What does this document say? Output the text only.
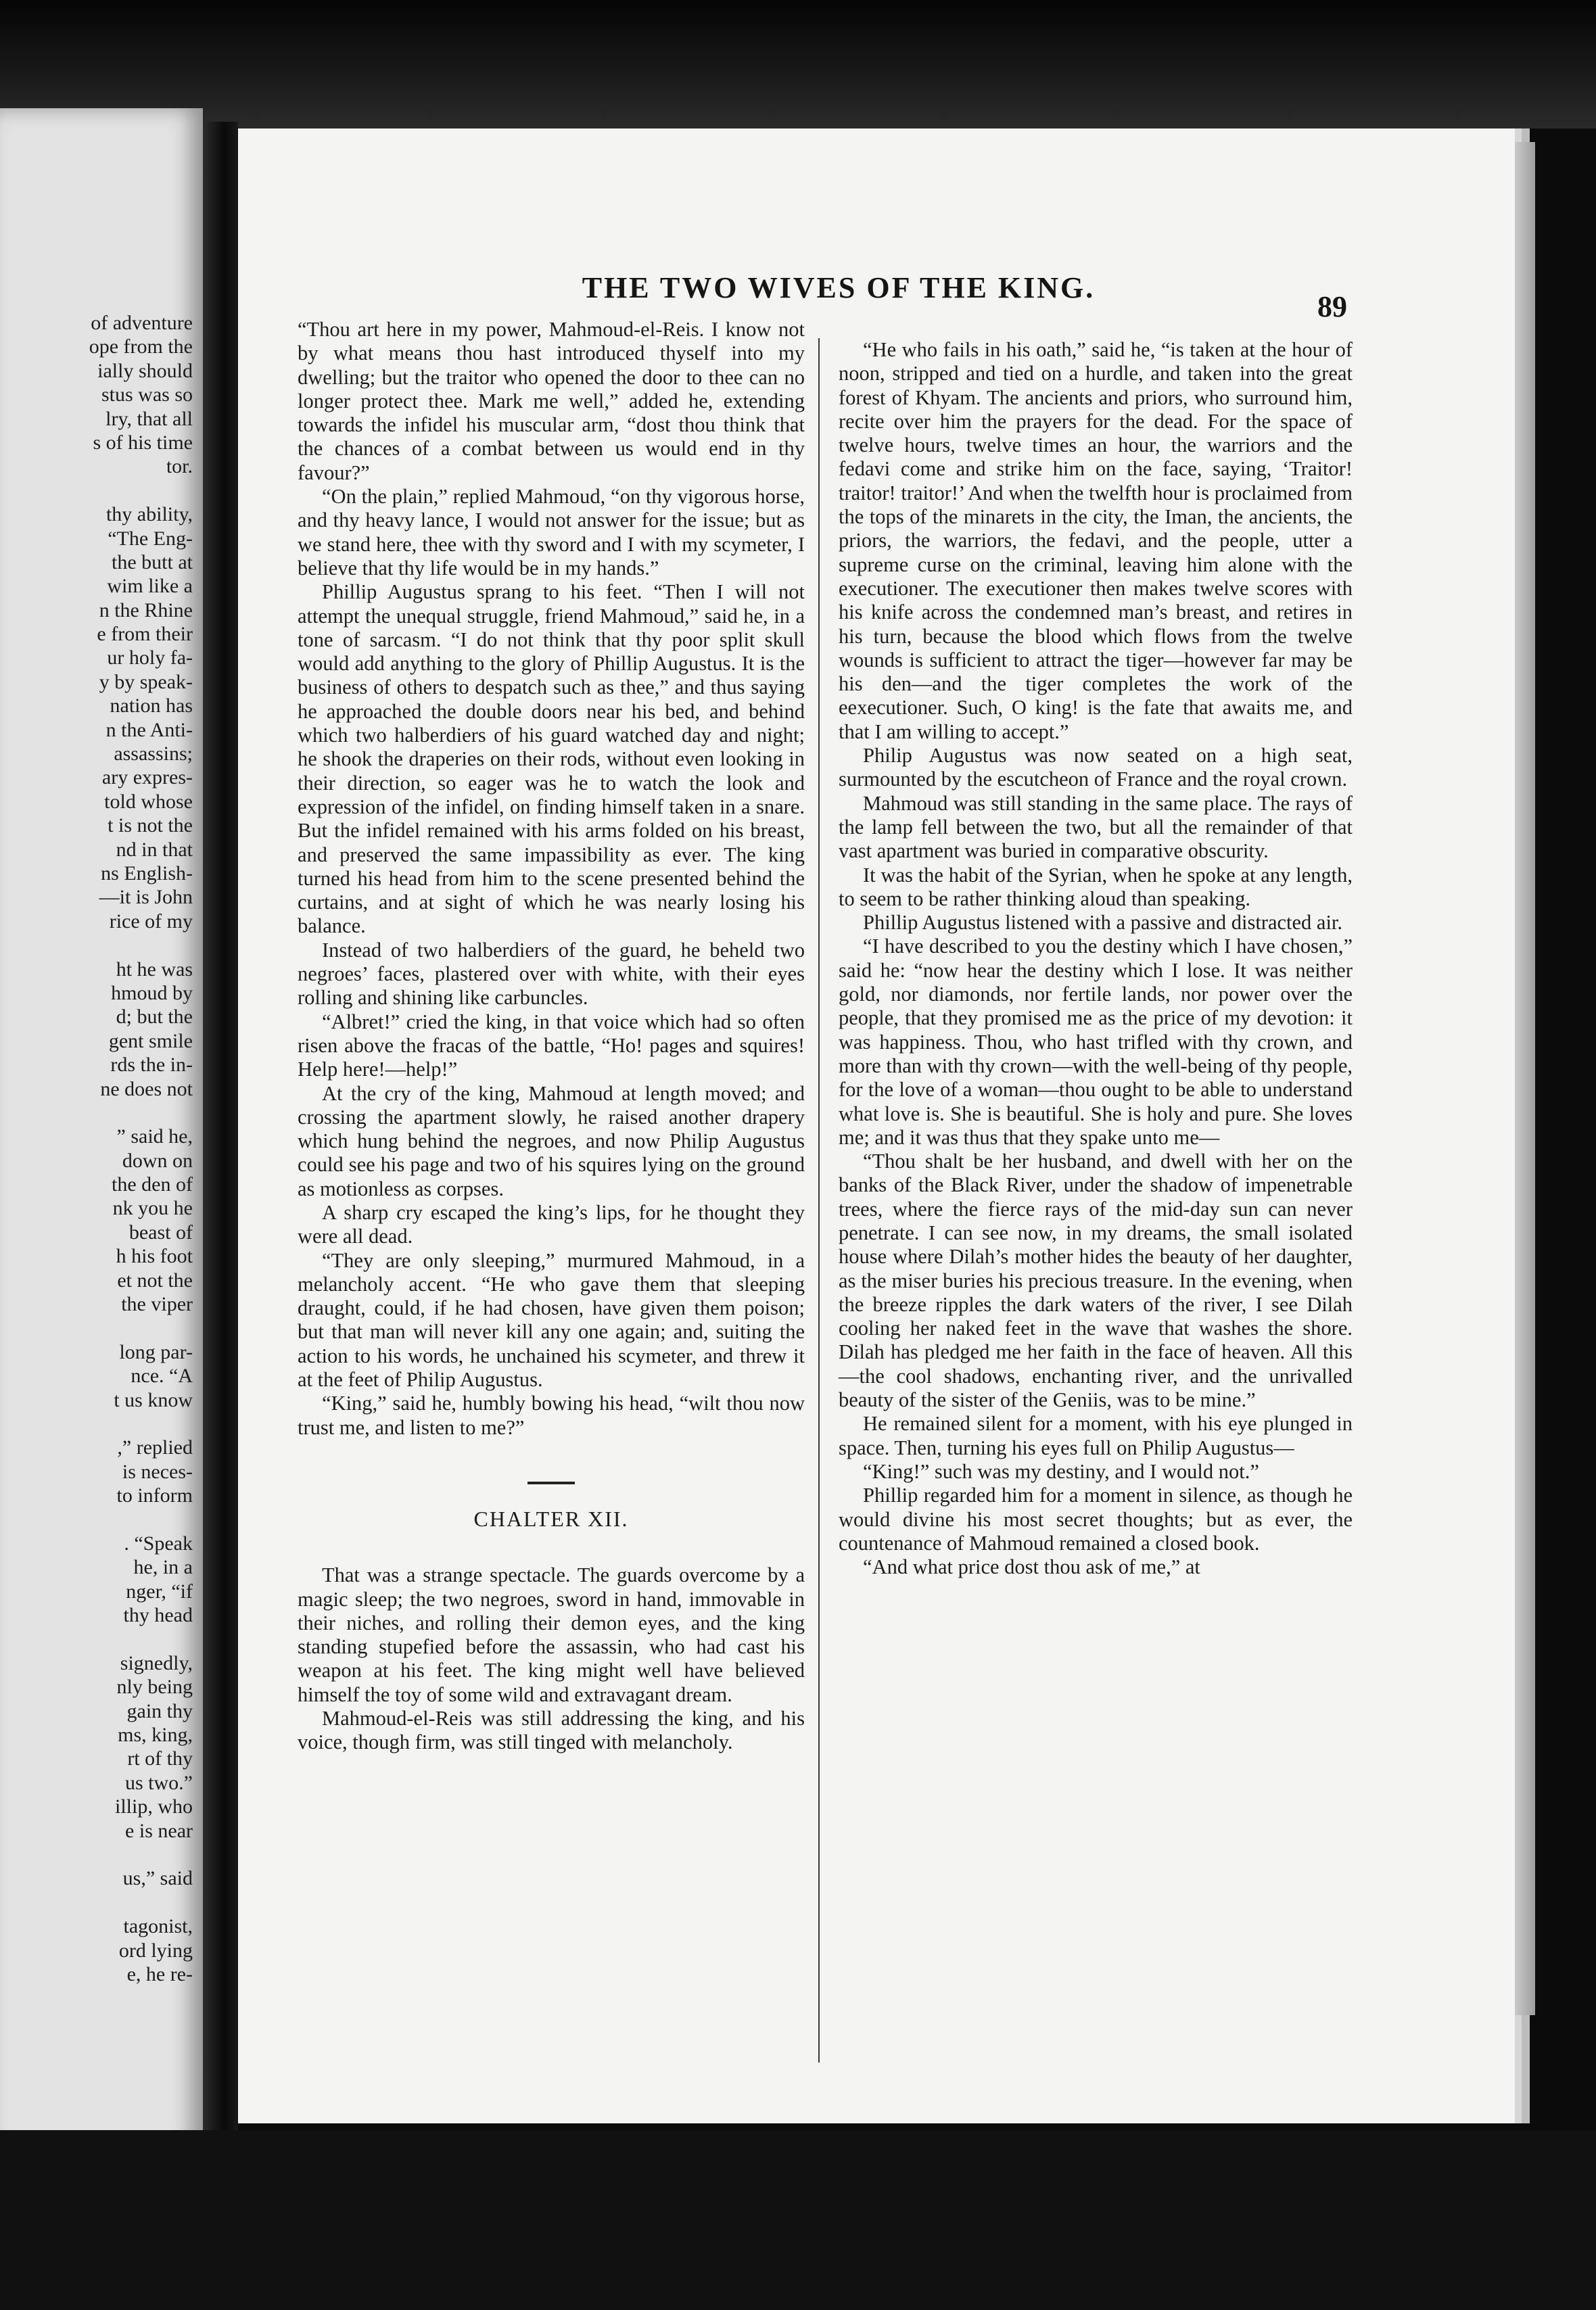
of adventure
ope from the
ially should
stus was so
lry, that all
s of his time
tor.
thy ability,
“The Eng-
the butt at
wim like a
n the Rhine
e from their
ur holy fa-
y by speak-
nation has
n the Anti-
assassins;
ary expres-
told whose
t is not the
nd in that
ns English-
—it is John
rice of my
ht he was
hmoud by
d; but the
gent smile
rds the in-
ne does not
” said he,
down on
the den of
nk you he
beast of
h his foot
et not the
the viper
long par-
nce. “A
t us know
,” replied
is neces-
to inform
. “Speak
he, in a
nger, “if
thy head
signedly,
nly being
gain thy
ms, king,
rt of thy
us two.”
illip, who
e is near
us,” said
tagonist,
ord lying
e, he re-
THE TWO WIVES OF THE KING.
89

“Thou art here in my power, Mahmoud-el-Reis. I know not by what means thou hast introduced thyself into my dwelling; but the traitor who opened the door to thee can no longer protect thee. Mark me well,” added he, extending towards the infidel his muscular arm, “dost thou think that the chances of a combat between us would end in thy favour?”

“On the plain,” replied Mahmoud, “on thy vigorous horse, and thy heavy lance, I would not answer for the issue; but as we stand here, thee with thy sword and I with my scymeter, I believe that thy life would be in my hands.”

Phillip Augustus sprang to his feet. “Then I will not attempt the unequal struggle, friend Mahmoud,” said he, in a tone of sarcasm. “I do not think that thy poor split skull would add anything to the glory of Phillip Augustus. It is the business of others to despatch such as thee,” and thus saying he approached the double doors near his bed, and behind which two halberdiers of his guard watched day and night; he shook the draperies on their rods, without even looking in their direction, so eager was he to watch the look and expression of the infidel, on finding himself taken in a snare. But the infidel remained with his arms folded on his breast, and preserved the same impassibility as ever. The king turned his head from him to the scene presented behind the curtains, and at sight of which he was nearly losing his balance.

Instead of two halberdiers of the guard, he beheld two negroes’ faces, plastered over with white, with their eyes rolling and shining like carbuncles.

“Albret!” cried the king, in that voice which had so often risen above the fracas of the battle, “Ho! pages and squires! Help here!—help!”

At the cry of the king, Mahmoud at length moved; and crossing the apartment slowly, he raised another drapery which hung behind the negroes, and now Philip Augustus could see his page and two of his squires lying on the ground as motionless as corpses.

A sharp cry escaped the king’s lips, for he thought they were all dead.

“They are only sleeping,” murmured Mahmoud, in a melancholy accent. “He who gave them that sleeping draught, could, if he had chosen, have given them poison; but that man will never kill any one again; and, suiting the action to his words, he unchained his scymeter, and threw it at the feet of Philip Augustus.

“King,” said he, humbly bowing his head, “wilt thou now trust me, and listen to me?”

CHALTER XII.

That was a strange spectacle. The guards overcome by a magic sleep; the two negroes, sword in hand, immovable in their niches, and rolling their demon eyes, and the king standing stupefied before the assassin, who had cast his weapon at his feet. The king might well have believed himself the toy of some wild and extravagant dream.

Mahmoud-el-Reis was still addressing the king, and his voice, though firm, was still tinged with melancholy.

“He who fails in his oath,” said he, “is taken at the hour of noon, stripped and tied on a hurdle, and taken into the great forest of Khyam. The ancients and priors, who surround him, recite over him the prayers for the dead. For the space of twelve hours, twelve times an hour, the warriors and the fedavi come and strike him on the face, saying, ‘Traitor! traitor! traitor!’ And when the twelfth hour is proclaimed from the tops of the minarets in the city, the Iman, the ancients, the priors, the warriors, the fedavi, and the people, utter a supreme curse on the criminal, leaving him alone with the executioner. The executioner then makes twelve scores with his knife across the condemned man’s breast, and retires in his turn, because the blood which flows from the twelve wounds is sufficient to attract the tiger—however far may be his den—and the tiger completes the work of the eexecutioner. Such, O king! is the fate that awaits me, and that I am willing to accept.”

Philip Augustus was now seated on a high seat, surmounted by the escutcheon of France and the royal crown.

Mahmoud was still standing in the same place. The rays of the lamp fell between the two, but all the remainder of that vast apartment was buried in comparative obscurity.

It was the habit of the Syrian, when he spoke at any length, to seem to be rather thinking aloud than speaking.

Phillip Augustus listened with a passive and distracted air.

“I have described to you the destiny which I have chosen,” said he: “now hear the destiny which I lose. It was neither gold, nor diamonds, nor fertile lands, nor power over the people, that they promised me as the price of my devotion: it was happiness. Thou, who hast trifled with thy crown, and more than with thy crown—with the well-being of thy people, for the love of a woman—thou ought to be able to understand what love is. She is beautiful. She is holy and pure. She loves me; and it was thus that they spake unto me—

“Thou shalt be her husband, and dwell with her on the banks of the Black River, under the shadow of impenetrable trees, where the fierce rays of the mid-day sun can never penetrate. I can see now, in my dreams, the small isolated house where Dilah’s mother hides the beauty of her daughter, as the miser buries his precious treasure. In the evening, when the breeze ripples the dark waters of the river, I see Dilah cooling her naked feet in the wave that washes the shore. Dilah has pledged me her faith in the face of heaven. All this—the cool shadows, enchanting river, and the unrivalled beauty of the sister of the Geniis, was to be mine.”

He remained silent for a moment, with his eye plunged in space. Then, turning his eyes full on Philip Augustus—

“King!” such was my destiny, and I would not.”

Phillip regarded him for a moment in silence, as though he would divine his most secret thoughts; but as ever, the countenance of Mahmoud remained a closed book.

“And what price dost thou ask of me,” at
